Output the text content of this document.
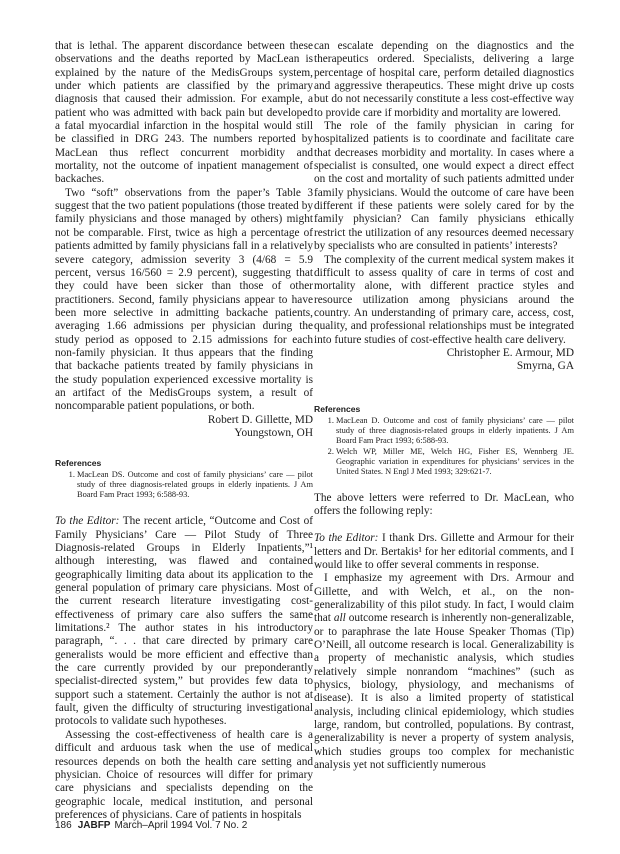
that is lethal. The apparent discordance between these observations and the deaths reported by MacLean is explained by the nature of the MedisGroups system, under which patients are classified by the primary diagnosis that caused their admission. For example, a patient who was admitted with back pain but developed a fatal myocardial infarction in the hospital would still be classified in DRG 243. The numbers reported by MacLean thus reflect concurrent morbidity and mortality, not the outcome of inpatient management of backaches.

Two “soft” observations from the paper’s Table 3 suggest that the two patient populations (those treated by family physicians and those managed by others) might not be comparable. First, twice as high a percentage of patients admitted by family physicians fall in a relatively severe category, admission severity 3 (4/68 = 5.9 percent, versus 16/560 = 2.9 percent), suggesting that they could have been sicker than those of other practitioners. Second, family physicians appear to have been more selective in admitting backache patients, averaging 1.66 admissions per physician during the study period as opposed to 2.15 admissions for each non-family physician. It thus appears that the finding that backache patients treated by family physicians in the study population experienced excessive mortality is an artifact of the MedisGroups system, a result of noncomparable patient populations, or both.

Robert D. Gillette, MD

Youngstown, OH

References

1. MacLean DS. Outcome and cost of family physicians’ care — pilot study of three diagnosis-related groups in elderly inpatients. J Am Board Fam Pract 1993; 6:588-93.

To the Editor: The recent article, “Outcome and Cost of Family Physicians’ Care — Pilot Study of Three Diagnosis-related Groups in Elderly Inpatients,”¹ although interesting, was flawed and contained geographically limiting data about its application to the general population of primary care physicians. Most of the current research literature investigating cost-effectiveness of primary care also suffers the same limitations.² The author states in his introductory paragraph, “. . . that care directed by primary care generalists would be more efficient and effective than the care currently provided by our preponderantly specialist-directed system,” but provides few data to support such a statement. Certainly the author is not at fault, given the difficulty of structuring investigational protocols to validate such hypotheses.

Assessing the cost-effectiveness of health care is a difficult and arduous task when the use of medical resources depends on both the health care setting and physician. Choice of resources will differ for primary care physicians and specialists depending on the geographic locale, medical institution, and personal preferences of physicians. Care of patients in hospitals

can escalate depending on the diagnostics and the therapeutics ordered. Specialists, delivering a large percentage of hospital care, perform detailed diagnostics and aggressive therapeutics. These might drive up costs but do not necessarily constitute a less cost-effective way to provide care if morbidity and mortality are lowered.

The role of the family physician in caring for hospitalized patients is to coordinate and facilitate care that decreases morbidity and mortality. In cases where a specialist is consulted, one would expect a direct effect on the cost and mortality of such patients admitted under family physicians. Would the outcome of care have been different if these patients were solely cared for by the family physician? Can family physicians ethically restrict the utilization of any resources deemed necessary by specialists who are consulted in patients’ interests?

The complexity of the current medical system makes it difficult to assess quality of care in terms of cost and mortality alone, with different practice styles and resource utilization among physicians around the country. An understanding of primary care, access, cost, quality, and professional relationships must be integrated into future studies of cost-effective health care delivery.

Christopher E. Armour, MD

Smyrna, GA

References

1. MacLean D. Outcome and cost of family physicians’ care — pilot study of three diagnosis-related groups in elderly inpatients. J Am Board Fam Pract 1993; 6:588-93.
2. Welch WP, Miller ME, Welch HG, Fisher ES, Wennberg JE. Geographic variation in expenditures for physicians’ services in the United States. N Engl J Med 1993; 329:621-7.

The above letters were referred to Dr. MacLean, who offers the following reply:

To the Editor: I thank Drs. Gillette and Armour for their letters and Dr. Bertakis¹ for her editorial comments, and I would like to offer several comments in response.

I emphasize my agreement with Drs. Armour and Gillette, and with Welch, et al., on the non-generalizability of this pilot study. In fact, I would claim that all outcome research is inherently non-generalizable, or to paraphrase the late House Speaker Thomas (Tip) O’Neill, all outcome research is local. Generalizability is a property of mechanistic analysis, which studies relatively simple nonrandom “machines” (such as physics, biology, physiology, and mechanisms of disease). It is also a limited property of statistical analysis, including clinical epidemiology, which studies large, random, but controlled, populations. By contrast, generalizability is never a property of system analysis, which studies groups too complex for mechanistic analysis yet not sufficiently numerous

186 JABFP March–April 1994 Vol. 7 No. 2
